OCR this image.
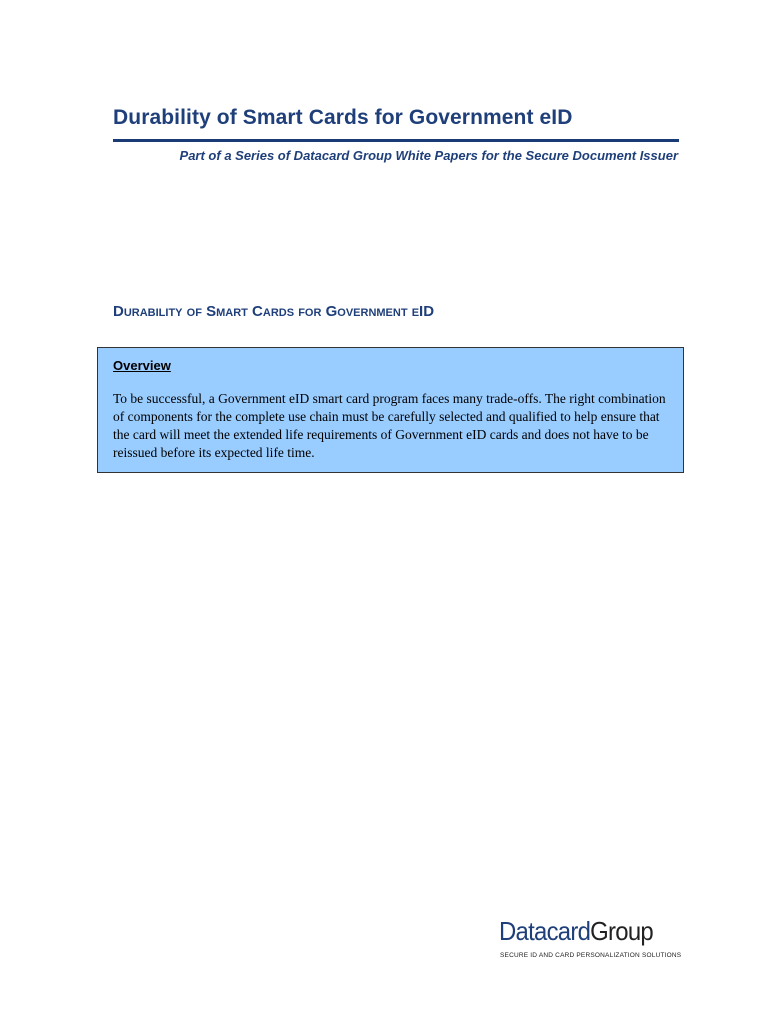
Durability of Smart Cards for Government eID

Part of a Series of Datacard Group White Papers for the Secure Document Issuer

Durability of Smart Cards for Government eID

Overview

To be successful, a Government eID smart card program faces many trade-offs. The right combination of components for the complete use chain must be carefully selected and qualified to help ensure that the card will meet the extended life requirements of Government eID cards and does not have to be reissued before its expected life time.

DatacardGroup
SECURE ID AND CARD PERSONALIZATION SOLUTIONS
